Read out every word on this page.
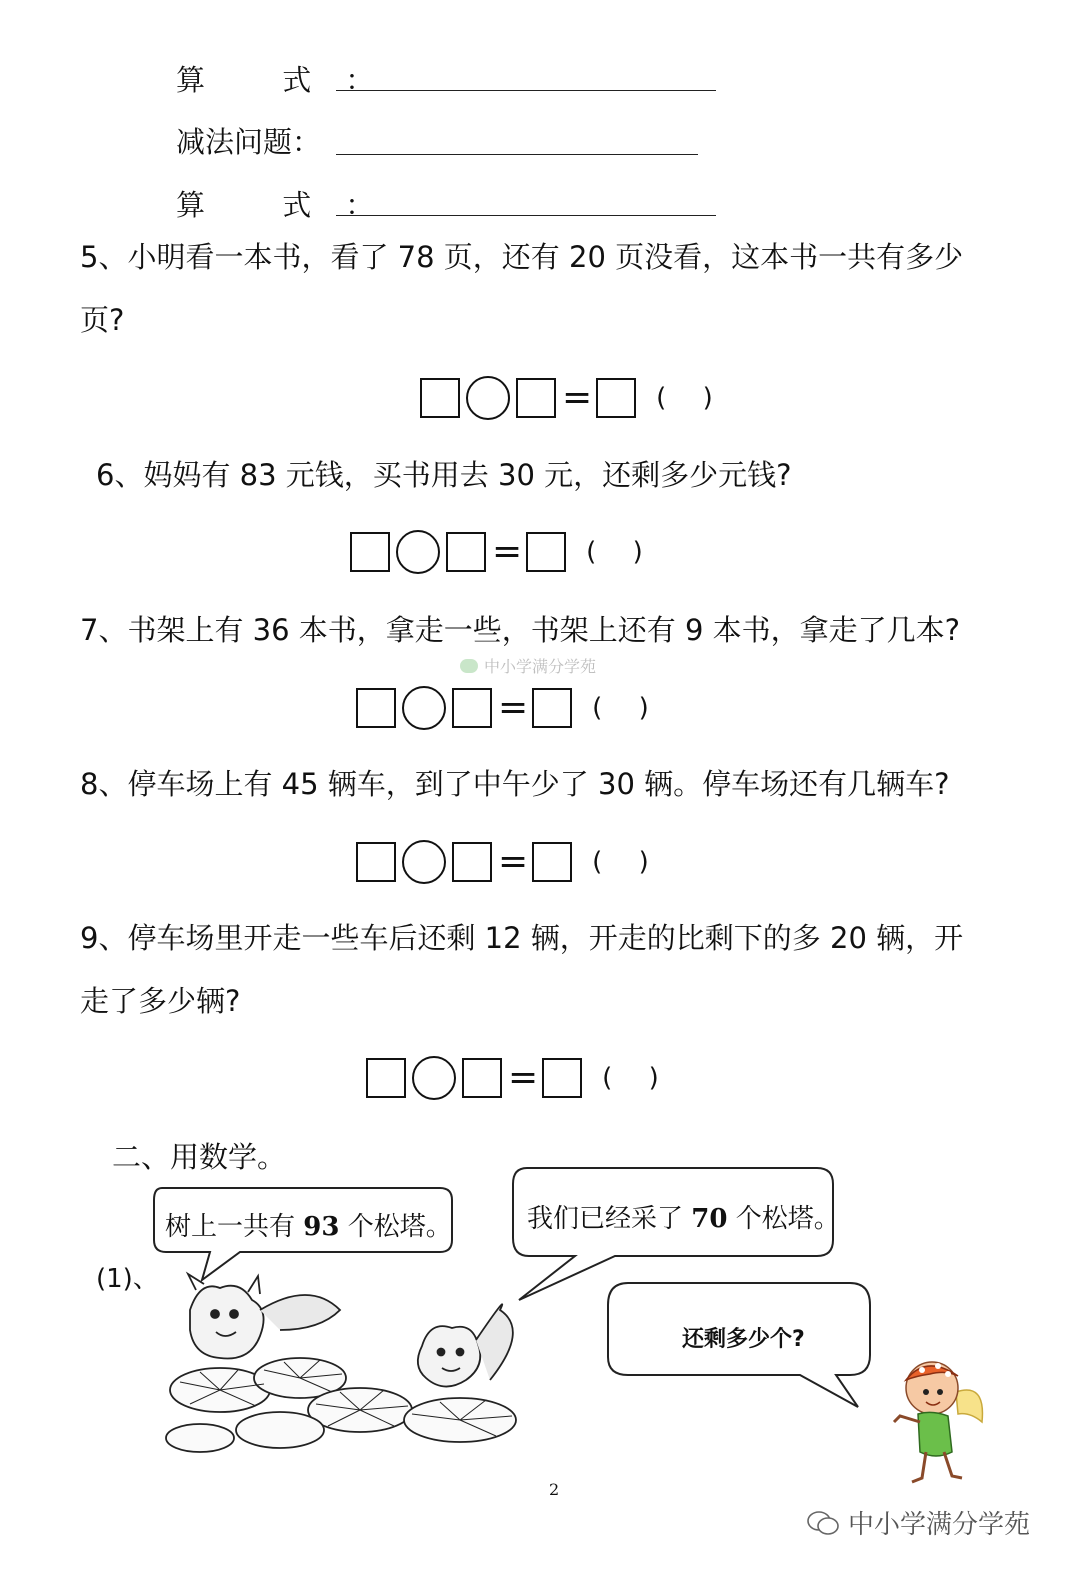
算 式：
减法问题：
算 式：
5、小明看一本书，看了 78 页，还有 20 页没看，这本书一共有多少
页?
= ( )
6、妈妈有 83 元钱，买书用去 30 元，还剩多少元钱?
= ( )
7、书架上有 36 本书，拿走一些，书架上还有 9 本书，拿走了几本?
中小学满分学苑
= ( )
8、停车场上有 45 辆车，到了中午少了 30 辆。停车场还有几辆车?
= ( )
9、停车场里开走一些车后还剩 12 辆，开走的比剩下的多 20 辆，开
走了多少辆?
= ( )
二、用数学。
(1)、
树上一共有 93 个松塔。	我们已经采了 70 个松塔。
还剩多少个?
2
中小学满分学苑
